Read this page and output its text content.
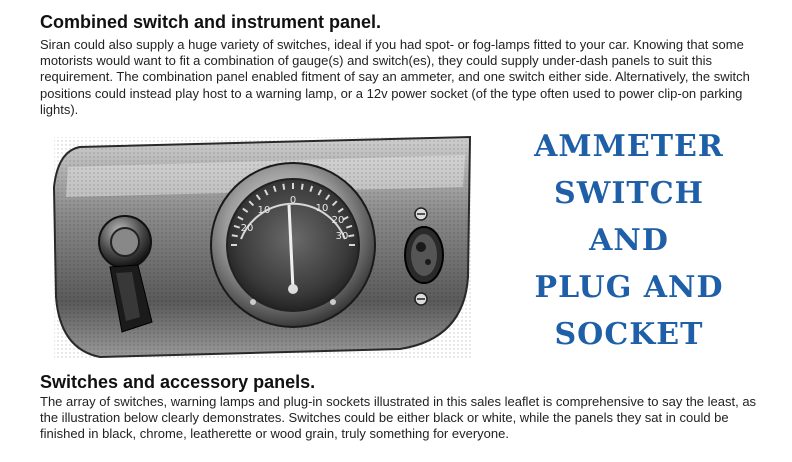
Combined switch and instrument panel.

Siran could also supply a huge variety of switches, ideal if you had spot- or fog-lamps fitted to your car. Knowing that some motorists would want to fit a combination of gauge(s) and switch(es), they could supply under-dash panels to suit this requirement. The combination panel enabled fitment of say an ammeter, and one switch either side. Alternatively, the switch positions could instead play host to a warning lamp, or a 12v power socket (of the type often used to power clip-on parking lights).

20
10
0
10
20
30
AMMETER
SWITCH
AND
PLUG AND
SOCKET
Switches and accessory panels.

The array of switches, warning lamps and plug-in sockets illustrated in this sales leaflet is comprehensive to say the least, as the illustration below clearly demonstrates. Switches could be either black or white, while the panels they sat in could be finished in black, chrome, leatherette or wood grain, truly something for everyone.
